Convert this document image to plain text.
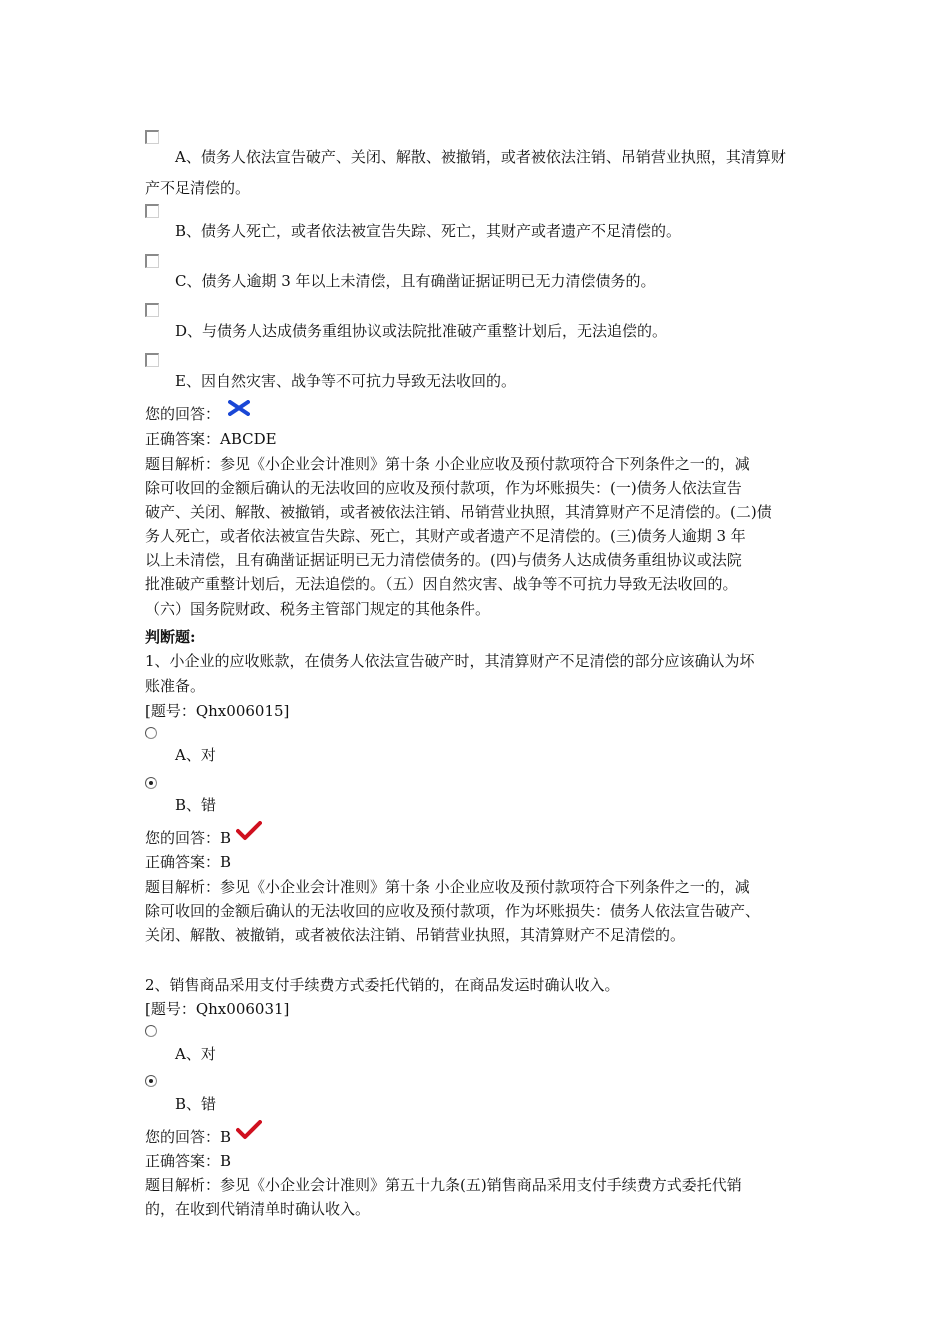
A、债务人依法宣告破产、关闭、解散、被撤销，或者被依法注销、吊销营业执照，其清算财
产不足清偿的。
B、债务人死亡，或者依法被宣告失踪、死亡，其财产或者遗产不足清偿的。
C、债务人逾期 3 年以上未清偿，且有确凿证据证明已无力清偿债务的。
D、与债务人达成债务重组协议或法院批准破产重整计划后，无法追偿的。
E、因自然灾害、战争等不可抗力导致无法收回的。
您的回答：
正确答案：ABCDE
题目解析：参见《小企业会计准则》第十条 小企业应收及预付款项符合下列条件之一的，减
除可收回的金额后确认的无法收回的应收及预付款项，作为坏账损失：(一)债务人依法宣告
破产、关闭、解散、被撤销，或者被依法注销、吊销营业执照，其清算财产不足清偿的。(二)债
务人死亡，或者依法被宣告失踪、死亡，其财产或者遗产不足清偿的。(三)债务人逾期 3 年
以上未清偿，且有确凿证据证明已无力清偿债务的。(四)与债务人达成债务重组协议或法院
批准破产重整计划后，无法追偿的。（五）因自然灾害、战争等不可抗力导致无法收回的。
（六）国务院财政、税务主管部门规定的其他条件。
判断题:
1、小企业的应收账款，在债务人依法宣告破产时，其清算财产不足清偿的部分应该确认为坏
账准备。
[题号：Qhx006015]
A、对
B、错
您的回答：B
正确答案：B
题目解析：参见《小企业会计准则》第十条 小企业应收及预付款项符合下列条件之一的，减
除可收回的金额后确认的无法收回的应收及预付款项，作为坏账损失：债务人依法宣告破产、
关闭、解散、被撤销，或者被依法注销、吊销营业执照，其清算财产不足清偿的。
2、销售商品采用支付手续费方式委托代销的，在商品发运时确认收入。
[题号：Qhx006031]
A、对
B、错
您的回答：B
正确答案：B
题目解析：参见《小企业会计准则》第五十九条(五)销售商品采用支付手续费方式委托代销
的，在收到代销清单时确认收入。
